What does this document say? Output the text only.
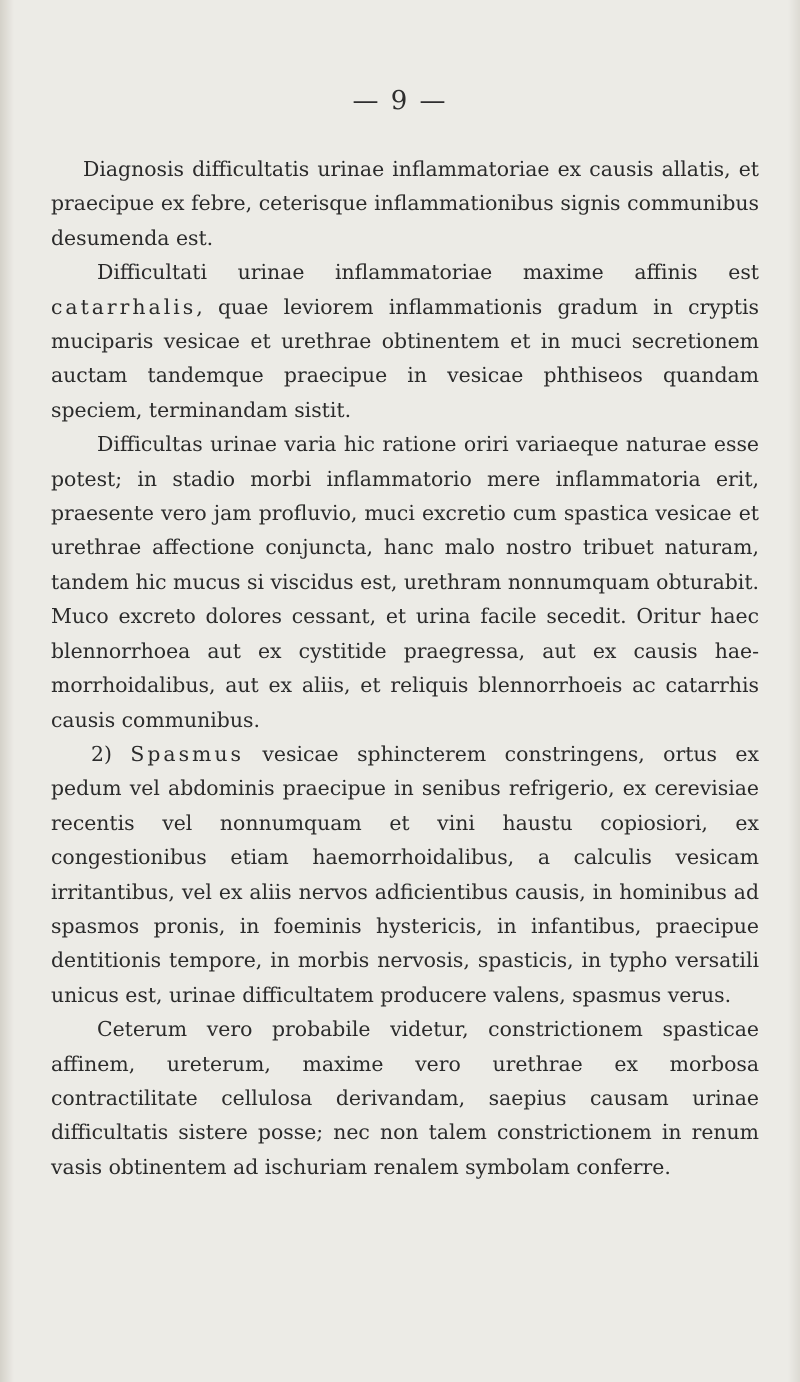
— 9 —

Diagnosis difficultatis urinae inflammatoriae ex causis allatis, et praecipue ex febre, ceterisque inflammationibus signis communibus desumenda est.

Difficultati urinae inflammatoriae maxime affinis est catarrhalis, quae leviorem inflammationis gradum in cryptis muciparis vesicae et urethrae obtinentem et in muci secretionem auctam tandemque praecipue in vesicae phthiseos quandam speciem, terminandam sistit.

Difficultas urinae varia hic ratione oriri variaeque naturae esse potest; in stadio morbi inflammatorio mere inflammatoria erit, praesente vero jam profluvio, muci excretio cum spastica vesicae et urethrae affectione conjuncta, hanc malo nostro tribuet naturam, tandem hic mucus si viscidus est, urethram nonnumquam obturabit. Muco excreto dolores cessant, et urina facile secedit. Oritur haec blennorrhoea aut ex cystitide praegressa, aut ex causis haemorrhoidalibus, aut ex aliis, et reliquis blennorrhoeis ac catarrhis causis communibus.

2) Spasmus vesicae sphincterem constringens, ortus ex pedum vel abdominis praecipue in senibus refrigerio, ex cerevisiae recentis vel nonnumquam et vini haustu copiosiori, ex congestionibus etiam haemorrhoidalibus, a calculis vesicam irritantibus, vel ex aliis nervos adficientibus causis, in hominibus ad spasmos pronis, in foeminis hystericis, in infantibus, praecipue dentitionis tempore, in morbis nervosis, spasticis, in typho versatili unicus est, urinae difficultatem producere valens, spasmus verus.

Ceterum vero probabile videtur, constrictionem spasticae affinem, ureterum, maxime vero urethrae ex morbosa contractilitate cellulosa derivandam, saepius causam urinae difficultatis sistere posse; nec non talem constrictionem in renum vasis obtinentem ad ischuriam renalem symbolam conferre.
